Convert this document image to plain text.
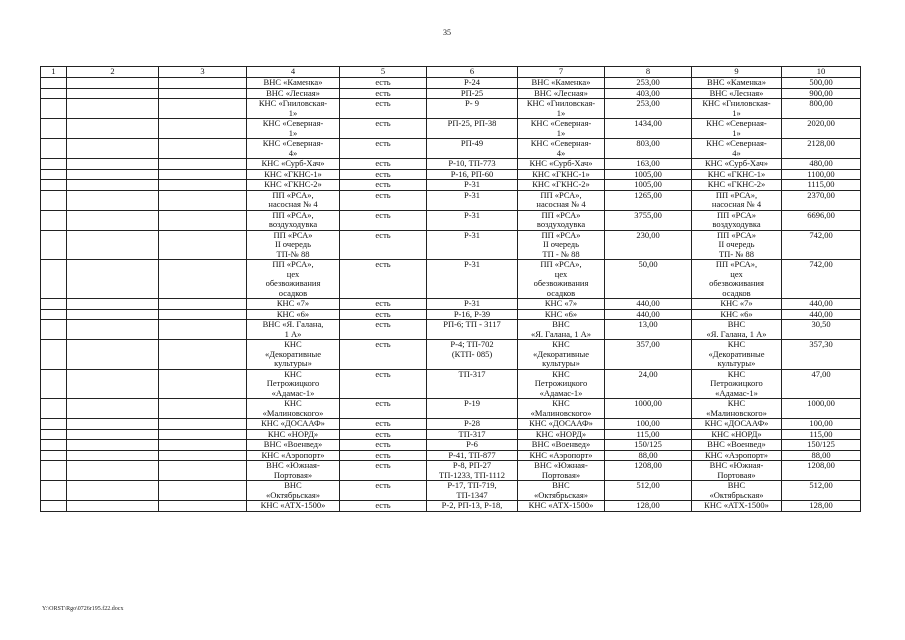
35
1	2	3	4	5	6	7	8	9	10
			ВНС «Каменка»	есть	Р-24	ВНС «Каменка»	253,00	ВНС «Каменка»	500,00
			ВНС «Лесная»	есть	РП-25	ВНС «Лесная»	403,00	ВНС «Лесная»	900,00
			КНС «Гниловская-
1»	есть	Р- 9	КНС «Гниловская-
1»	253,00	КНС «Гниловская-
1»	800,00
			КНС «Северная-
1»	есть	РП-25, РП-38	КНС «Северная-
1»	1434,00	КНС «Северная-
1»	2020,00
			КНС «Северная-
4»	есть	РП-49	КНС «Северная-
4»	803,00	КНС «Северная-
4»	2128,00
			КНС «Сурб-Хач»	есть	Р-10, ТП-773	КНС «Сурб-Хач»	163,00	КНС «Сурб-Хач»	480,00
			КНС «ГКНС-1»	есть	Р-16, РП-60	КНС «ГКНС-1»	1005,00	КНС «ГКНС-1»	1100,00
			КНС «ГКНС-2»	есть	Р-31	КНС «ГКНС-2»	1005,00	КНС «ГКНС-2»	1115,00
			ПП «РСА»,
насосная № 4	есть	Р-31	ПП «РСА»,
насосная № 4	1265,00	ПП «РСА»,
насосная № 4	2370,00
			ПП «РСА»,
воздуходувка	есть	Р-31	ПП «РСА»
воздуходувка	3755,00	ПП «РСА»
воздуходувка	6696,00
			ПП «РСА»
II очередь
ТП-№ 88	есть	Р-31	ПП «РСА»
II очередь
ТП - № 88	230,00	ПП «РСА»
II очередь
ТП- № 88	742,00
			ПП «РСА»,
цех
обезвоживания
осадков	есть	Р-31	ПП «РСА»,
цех
обезвоживания
осадков	50,00	ПП «РСА»,
цех
обезвоживания
осадков	742,00
			КНС «7»	есть	Р-31	КНС «7»	440,00	КНС «7»	440,00
			КНС «6»	есть	Р-16, Р-39	КНС «6»	440,00	КНС «6»	440,00
			ВНС «Я. Галана,
1 А»	есть	РП-6; ТП - 3117	ВНС
«Я. Галана, 1 А»	13,00	ВНС
«Я. Галана, 1 А»	30,50
			КНС
«Декоративные
культуры»	есть	Р-4; ТП-702
(КТП- 085)	КНС
«Декоративные
культуры»	357,00	КНС
«Декоративные
культуры»	357,30
			КНС
Петрожицкого
«Адамас-1»	есть	ТП-317	КНС
Петрожицкого
«Адамас-1»	24,00	КНС
Петрожицкого
«Адамас-1»	47,00
			КНС
«Малиновского»	есть	Р-19	КНС
«Малиновского»	1000,00	КНС
«Малиновского»	1000,00
			КНС «ДОСААФ»	есть	Р-28	КНС «ДОСААФ»	100,00	КНС «ДОСААФ»	100,00
			КНС «НОРД»	есть	ТП-317	КНС «НОРД»	115,00	КНС «НОРД»	115,00
			ВНС «Военвед»	есть	Р-6	ВНС «Военвед»	150/125	ВНС «Военвед»	150/125
			КНС «Аэропорт»	есть	Р-41, ТП-877	КНС «Аэропорт»	88,00	КНС «Аэропорт»	88,00
			ВНС «Южная-
Портовая»	есть	Р-8, РП-27
ТП-1233, ТП-1112	ВНС «Южная-
Портовая»	1208,00	ВНС «Южная-
Портовая»	1208,00
			ВНС
«Октябрьская»	есть	Р-17, ТП-719,
ТП-1347	ВНС
«Октябрьская»	512,00	ВНС
«Октябрьская»	512,00
			КНС «АТХ-1500»	есть	Р-2, РП-13, Р-18,	КНС «АТХ-1500»	128,00	КНС «АТХ-1500»	128,00
Y:\ORST\Rgo\0726r195.f22.docx
